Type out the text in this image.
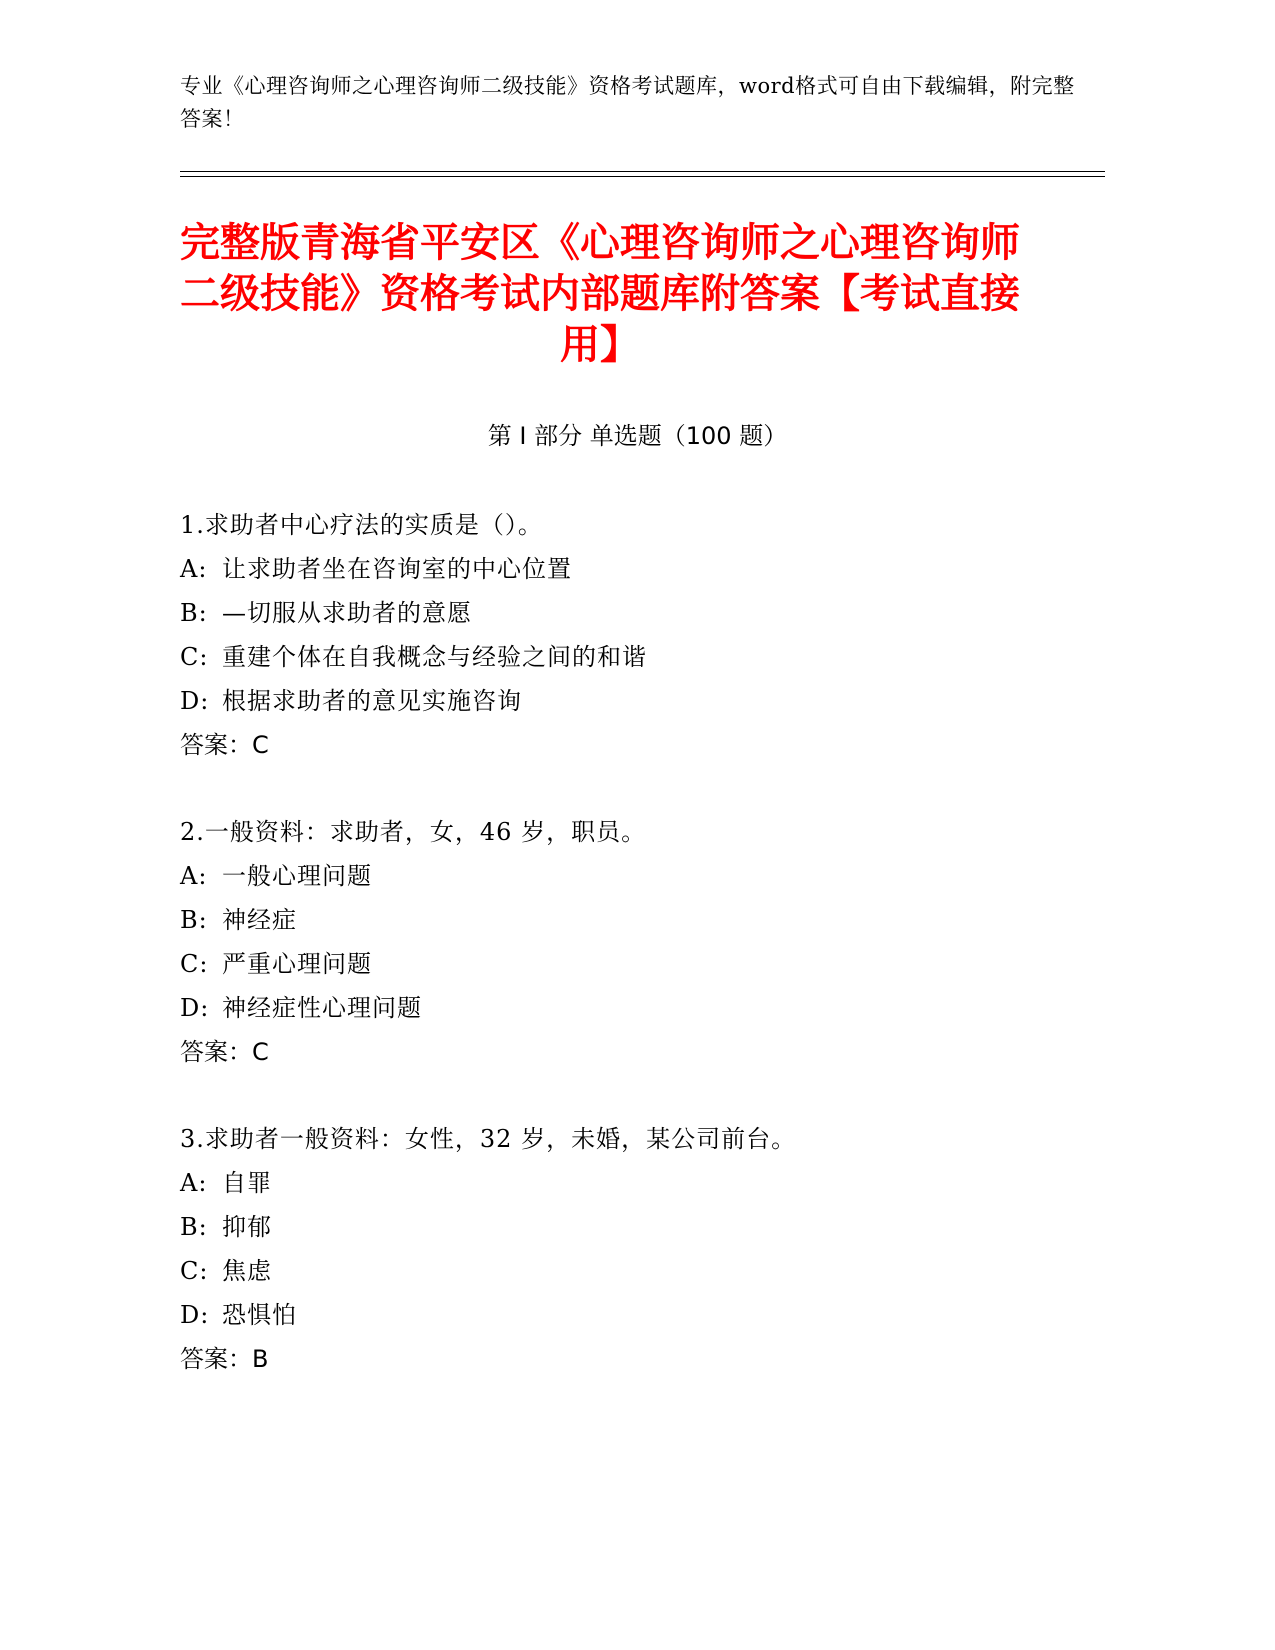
专业《心理咨询师之心理咨询师二级技能》资格考试题库，word格式可自由下载编辑，附完整答案！
完整版青海省平安区《心理咨询师之心理咨询师二级技能》资格考试内部题库附答案【考试直接用】
第 I 部分 单选题（100 题）
1.求助者中心疗法的实质是（）。
A: 让求助者坐在咨询室的中心位置
B: —切服从求助者的意愿
C: 重建个体在自我概念与经验之间的和谐
D: 根据求助者的意见实施咨询
答案：C
2.一般资料：求助者，女，46 岁，职员。
A: 一般心理问题
B: 神经症
C: 严重心理问题
D: 神经症性心理问题
答案：C
3.求助者一般资料：女性，32 岁，未婚，某公司前台。
A: 自罪
B: 抑郁
C: 焦虑
D: 恐惧怕
答案：B
